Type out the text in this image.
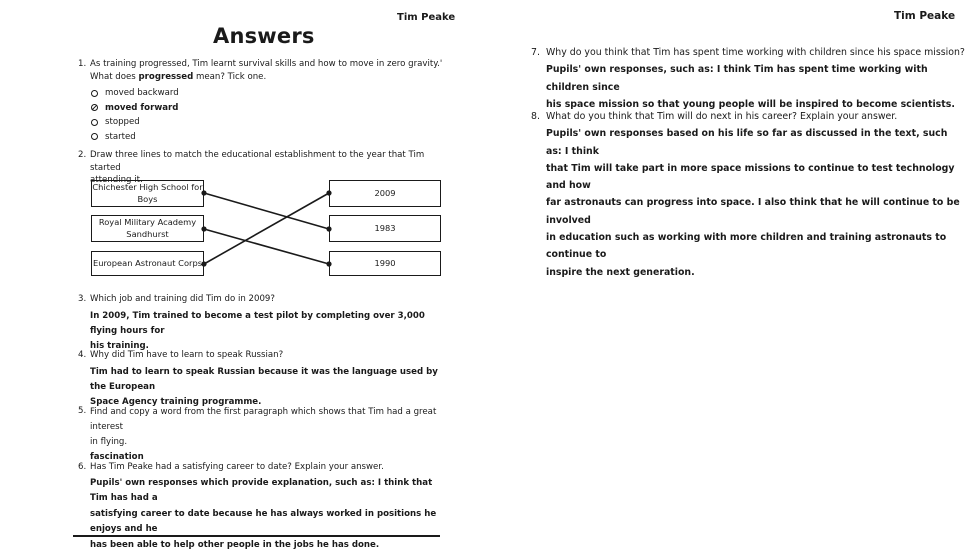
Tim Peake
Answers
1. As training progressed, Tim learnt survival skills and how to move in zero gravity.'
What does progressed mean? Tick one.
moved backward
moved forward
stopped
started
2. Draw three lines to match the educational establishment to the year that Tim started
attending it.
Chichester High School for Boys
Royal Military Academy Sandhurst
European Astronaut Corps
2009
1983
1990
3. Which job and training did Tim do in 2009?
In 2009, Tim trained to become a test pilot by completing over 3,000 flying hours for
his training.
4. Why did Tim have to learn to speak Russian?
Tim had to learn to speak Russian because it was the language used by the European
Space Agency training programme.
5. Find and copy a word from the first paragraph which shows that Tim had a great interest
in flying.
fascination
6. Has Tim Peake had a satisfying career to date? Explain your answer.
Pupils' own responses which provide explanation, such as: I think that Tim has had a
satisfying career to date because he has always worked in positions he enjoys and he
has been able to help other people in the jobs he has done.
Tim Peake
7. Why do you think that Tim has spent time working with children since his space mission?
Pupils' own responses, such as: I think Tim has spent time working with children since
his space mission so that young people will be inspired to become scientists.
8. What do you think that Tim will do next in his career? Explain your answer.
Pupils' own responses based on his life so far as discussed in the text, such as: I think
that Tim will take part in more space missions to continue to test technology and how
far astronauts can progress into space. I also think that he will continue to be involved
in education such as working with more children and training astronauts to continue to
inspire the next generation.
